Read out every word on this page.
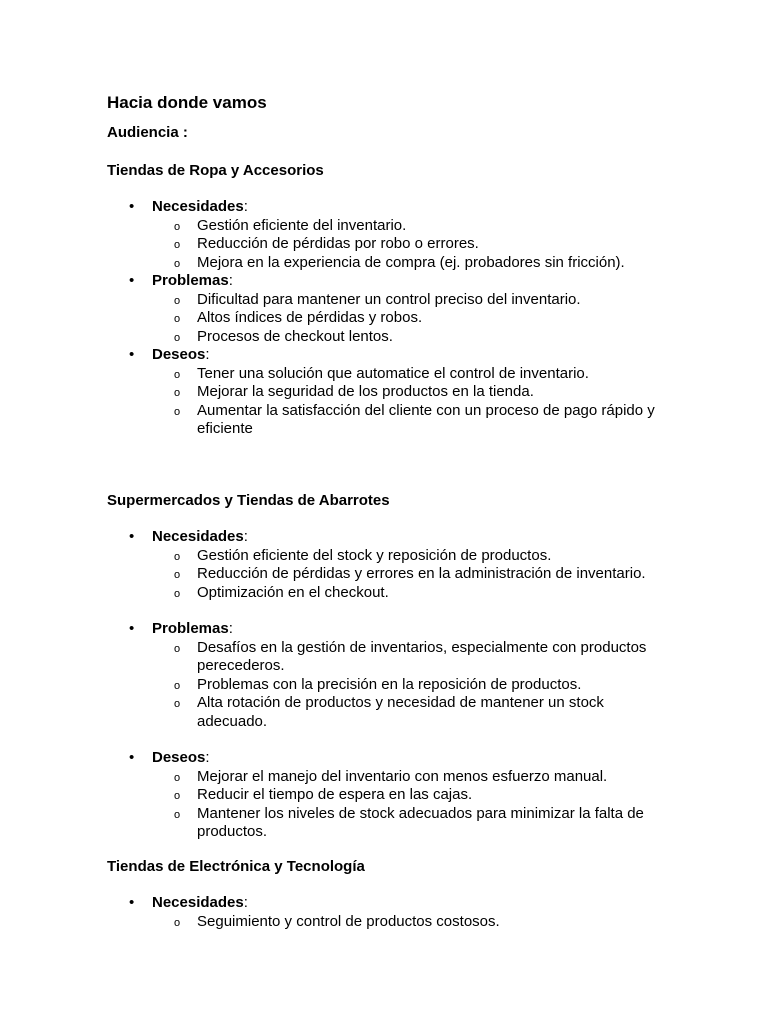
Hacia donde vamos
Audiencia :
Tiendas de Ropa y Accesorios
• Necesidades:
o Gestión eficiente del inventario.
o Reducción de pérdidas por robo o errores.
o Mejora en la experiencia de compra (ej. probadores sin fricción).
• Problemas:
o Dificultad para mantener un control preciso del inventario.
o Altos índices de pérdidas y robos.
o Procesos de checkout lentos.
• Deseos:
o Tener una solución que automatice el control de inventario.
o Mejorar la seguridad de los productos en la tienda.
o Aumentar la satisfacción del cliente con un proceso de pago rápido y eficiente
Supermercados y Tiendas de Abarrotes
• Necesidades:
o Gestión eficiente del stock y reposición de productos.
o Reducción de pérdidas y errores en la administración de inventario.
o Optimización en el checkout.
• Problemas:
o Desafíos en la gestión de inventarios, especialmente con productos perecederos.
o Problemas con la precisión en la reposición de productos.
o Alta rotación de productos y necesidad de mantener un stock adecuado.
• Deseos:
o Mejorar el manejo del inventario con menos esfuerzo manual.
o Reducir el tiempo de espera en las cajas.
o Mantener los niveles de stock adecuados para minimizar la falta de productos.
Tiendas de Electrónica y Tecnología
• Necesidades:
o Seguimiento y control de productos costosos.
